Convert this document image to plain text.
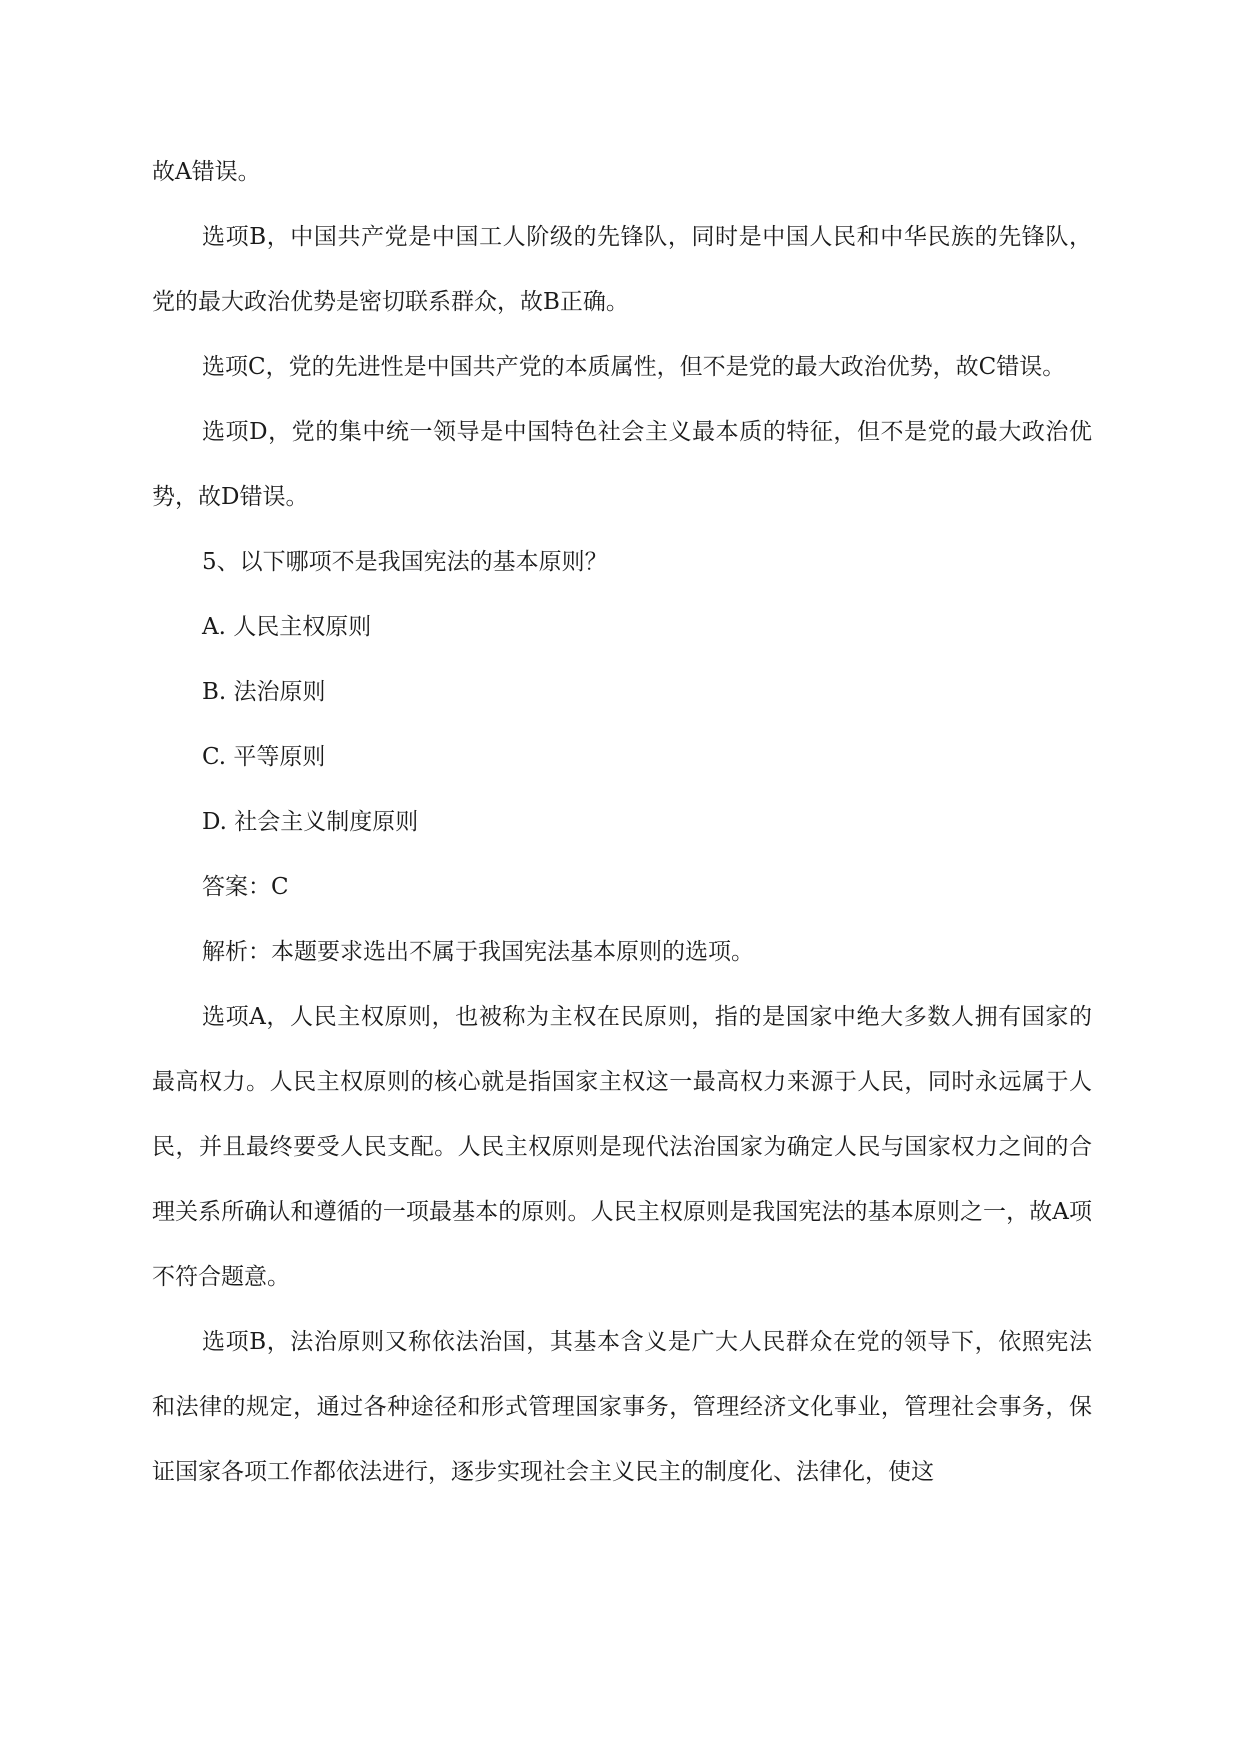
故A错误。

选项B，中国共产党是中国工人阶级的先锋队，同时是中国人民和中华民族的先锋队，党的最大政治优势是密切联系群众，故B正确。

选项C，党的先进性是中国共产党的本质属性，但不是党的最大政治优势，故C错误。

选项D，党的集中统一领导是中国特色社会主义最本质的特征，但不是党的最大政治优势，故D错误。

5、以下哪项不是我国宪法的基本原则？

A. 人民主权原则

B. 法治原则

C. 平等原则

D. 社会主义制度原则

答案：C

解析：本题要求选出不属于我国宪法基本原则的选项。

选项A，人民主权原则，也被称为主权在民原则，指的是国家中绝大多数人拥有国家的最高权力。人民主权原则的核心就是指国家主权这一最高权力来源于人民，同时永远属于人民，并且最终要受人民支配。人民主权原则是现代法治国家为确定人民与国家权力之间的合理关系所确认和遵循的一项最基本的原则。人民主权原则是我国宪法的基本原则之一，故A项不符合题意。

选项B，法治原则又称依法治国，其基本含义是广大人民群众在党的领导下，依照宪法和法律的规定，通过各种途径和形式管理国家事务，管理经济文化事业，管理社会事务，保证国家各项工作都依法进行，逐步实现社会主义民主的制度化、法律化，使这
